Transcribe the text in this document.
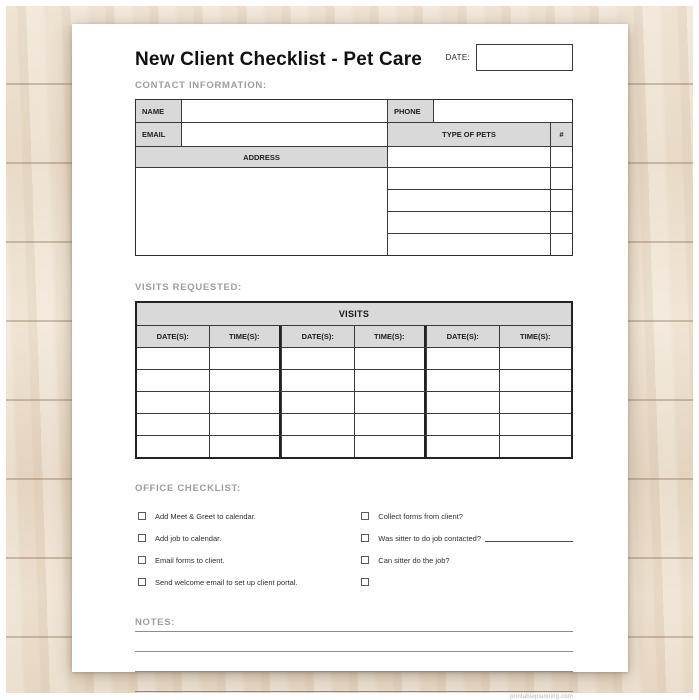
New Client Checklist - Pet Care	DATE:
CONTACT INFORMATION:
NAME	PHONE
EMAIL	TYPE OF PETS	#
ADDRESS
VISITS REQUESTED:
VISITS
DATE(S):	TIME(S):	DATE(S):	TIME(S):	DATE(S):	TIME(S):
OFFICE CHECKLIST:
Add Meet & Greet to calendar.
Add job to calendar.
Email forms to client.
Send welcome email to set up client portal.
Collect forms from client?
Was sitter to do job contacted?
Can sitter do the job?
NOTES:
printableplanning.com
